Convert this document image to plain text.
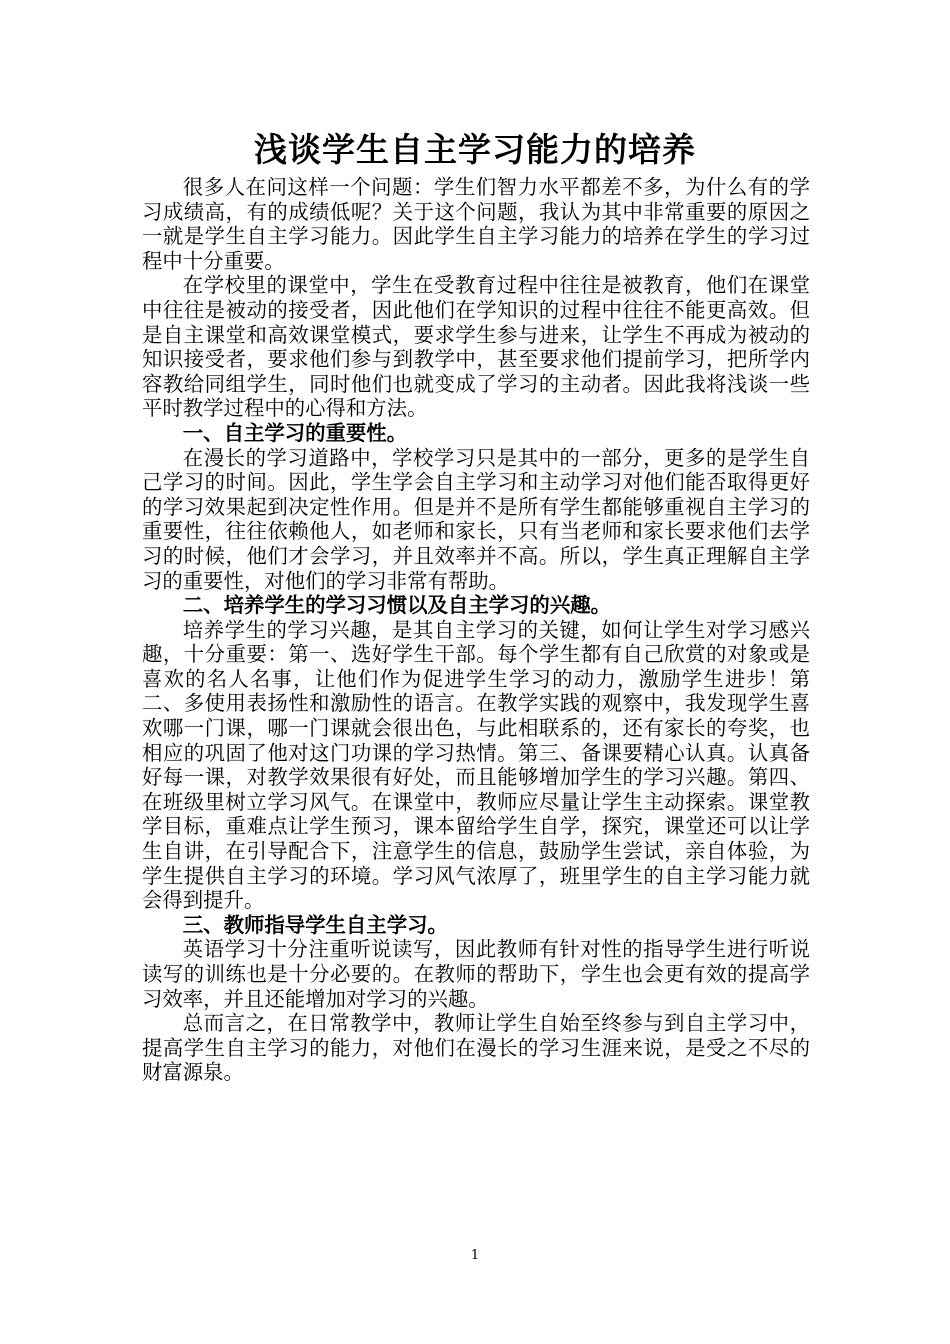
浅谈学生自主学习能力的培养

很多人在问这样一个问题：学生们智力水平都差不多，为什么有的学习成绩高，有的成绩低呢？关于这个问题，我认为其中非常重要的原因之一就是学生自主学习能力。因此学生自主学习能力的培养在学生的学习过程中十分重要。

在学校里的课堂中，学生在受教育过程中往往是被教育，他们在课堂中往往是被动的接受者，因此他们在学知识的过程中往往不能更高效。但是自主课堂和高效课堂模式，要求学生参与进来，让学生不再成为被动的知识接受者，要求他们参与到教学中，甚至要求他们提前学习，把所学内容教给同组学生，同时他们也就变成了学习的主动者。因此我将浅谈一些平时教学过程中的心得和方法。

一、自主学习的重要性。

在漫长的学习道路中，学校学习只是其中的一部分，更多的是学生自己学习的时间。因此，学生学会自主学习和主动学习对他们能否取得更好的学习效果起到决定性作用。但是并不是所有学生都能够重视自主学习的重要性，往往依赖他人，如老师和家长，只有当老师和家长要求他们去学习的时候，他们才会学习，并且效率并不高。所以，学生真正理解自主学习的重要性，对他们的学习非常有帮助。

二、培养学生的学习习惯以及自主学习的兴趣。

培养学生的学习兴趣，是其自主学习的关键，如何让学生对学习感兴趣，十分重要：第一、选好学生干部。每个学生都有自己欣赏的对象或是喜欢的名人名事，让他们作为促进学生学习的动力，激励学生进步！第二、多使用表扬性和激励性的语言。在教学实践的观察中，我发现学生喜欢哪一门课，哪一门课就会很出色，与此相联系的，还有家长的夸奖，也相应的巩固了他对这门功课的学习热情。第三、备课要精心认真。认真备好每一课，对教学效果很有好处，而且能够增加学生的学习兴趣。第四、在班级里树立学习风气。在课堂中，教师应尽量让学生主动探索。课堂教学目标，重难点让学生预习，课本留给学生自学，探究，课堂还可以让学生自讲，在引导配合下，注意学生的信息，鼓励学生尝试，亲自体验，为学生提供自主学习的环境。学习风气浓厚了，班里学生的自主学习能力就会得到提升。

三、教师指导学生自主学习。

英语学习十分注重听说读写，因此教师有针对性的指导学生进行听说读写的训练也是十分必要的。在教师的帮助下，学生也会更有效的提高学习效率，并且还能增加对学习的兴趣。

总而言之，在日常教学中，教师让学生自始至终参与到自主学习中，提高学生自主学习的能力，对他们在漫长的学习生涯来说，是受之不尽的财富源泉。

1
